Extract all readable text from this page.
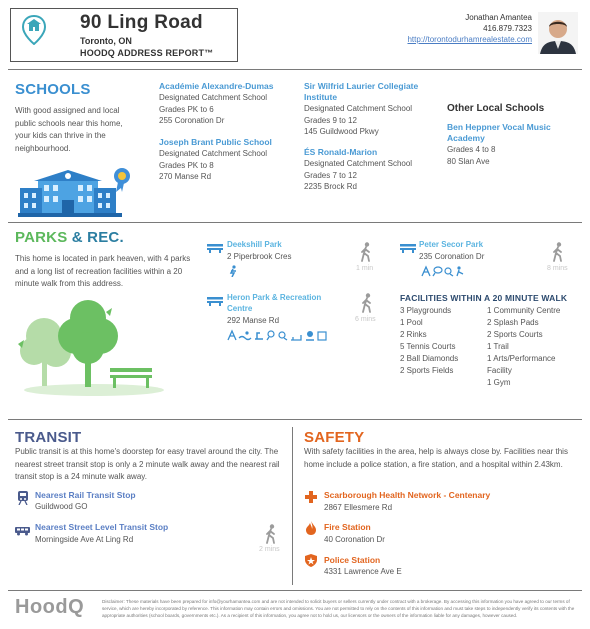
90 Ling Road
Toronto, ON
HOODQ ADDRESS REPORT™
Jonathan Amantea
416.879.7323
http://torontodurhamrealestate.com
SCHOOLS
With good assigned and local public schools near this home, your kids can thrive in the neighbourhood.
Académie Alexandre-Dumas
Designated Catchment School
Grades PK to 6
255 Coronation Dr
Joseph Brant Public School
Designated Catchment School
Grades PK to 8
270 Manse Rd
Sir Wilfrid Laurier Collegiate
Institute
Designated Catchment School
Grades 9 to 12
145 Guildwood Pkwy
ÉS Ronald-Marion
Designated Catchment School
Grades 7 to 12
2235 Brock Rd
Other Local Schools
Ben Heppner Vocal Music
Academy
Grades 4 to 8
80 Slan Ave
PARKS & REC.
This home is located in park heaven, with 4 parks and a long list of recreation facilities within a 20 minute walk from this address.
Deekshill Park
2 Piperbrook Cres
1 min
Peter Secor Park
235 Coronation Dr
8 mins
Heron Park & Recreation
Centre
292 Manse Rd	6 mins
FACILITIES WITHIN A 20 MINUTE WALK
3 Playgrounds
1 Pool
2 Rinks
5 Tennis Courts
2 Ball Diamonds
2 Sports Fields
1 Community Centre
2 Splash Pads
2 Sports Courts
1 Trail
1 Arts/Performance
Facility
1 Gym
TRANSIT
Public transit is at this home's doorstep for easy travel around the city. The nearest street transit stop is only a 2 minute walk away and the nearest rail transit stop is a 24 minute walk away.
Nearest Rail Transit Stop
Guildwood GO
Nearest Street Level Transit Stop
Morningside Ave At Ling Rd
2 mins
SAFETY
With safety facilities in the area, help is always close by. Facilities near this home include a police station, a fire station, and a hospital within 2.43km.
Scarborough Health Network - Centenary
2867 Ellesmere Rd
Fire Station
40 Coronation Dr
Police Station
4331 Lawrence Ave E
HoodQ	Disclaimer: These materials have been prepared for info@yourhamantea.com and are not intended to solicit buyers or sellers currently under contract with a brokerage. By accessing this information you have agreed to our terms of service, which are hereby incorporated by reference. This information may contain errors and omissions. You are not permitted to rely on the contents of this information and must take steps to independently verify its contents with the appropriate authorities (school boards, governments etc.). As a recipient of this information, you agree not to hold us, our licensors or the owners of the information liable for any damages, however caused.
